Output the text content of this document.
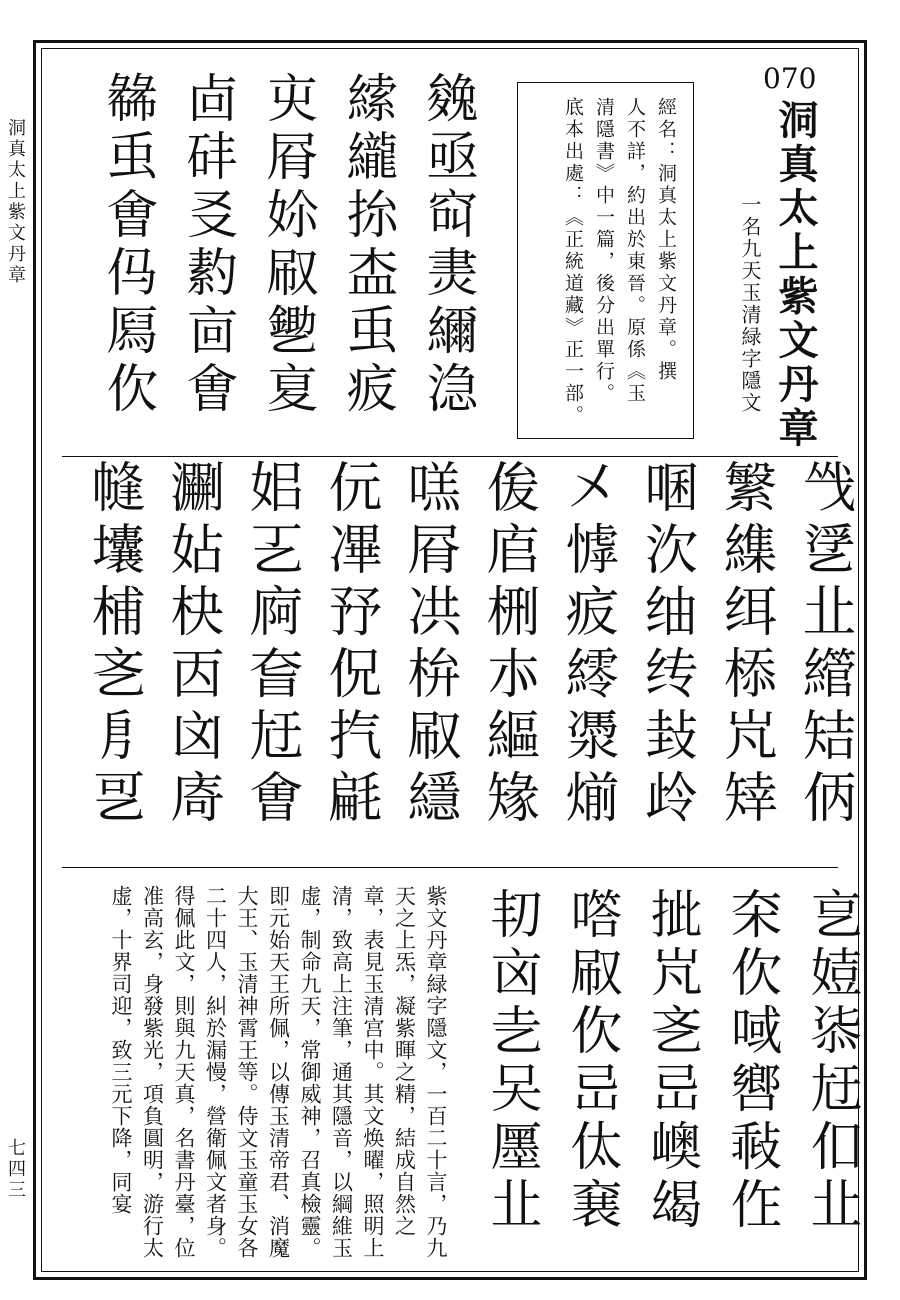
洞真太上紫文丹章
七四三
070
洞真太上紫文丹章
一名九天玉清緑字隱文
經名：洞真太上紫文丹章。撰
人不詳，約出於東晉。原係《玉
清隱書》中一篇，後分出單行。
底本出處：《正統道藏》正一部。
㕙亟䆗㶳䌤㴔
䌇䌬㧠㭗䖝㽹
㐪㞕㚷㕞㐥㚆
㔽䂜㕛䋤㐭㑹
㣈䖝㑹㐷㕐㐸
㦰㐢㐀䌣䂒㑂
䌓䌖䌺㮇㞩䂔
㖥㳄䌷䌸㪈㱓
㐅㦆㽹䌢㵗㷙
㑓㢂㭢㝳䌔䂕
㗝㞕㓋㭓㕞䌥
㐾㓖㐨㑆㧉㲢
㚶㐉㢌㚛㝼㑹
㶜㚲㭈㐁㓙㢊
㡝㚂㭪㐎㐆㐓
㐔㛸㓒㝼㐰㐀
㚓㐸㖪㗽㪓㑅
㧗㞩㐎㞯㠗㡫
㗳㕞㐸㞯㑀㐮
㓞㐫㐋㕦㕓㐀
紫文丹章緑字隱文，一百二十言，乃九天之上炁，凝紫暉之精，結成自然之章，表見玉清宫中。其文焕曜，照明上清，致高上注筆，通其隱音，以綱維玉虚，制命九天，常御威神，召真檢靈。即元始天王所佩，以傳玉清帝君、消魔大王、玉清神霄王等。侍文玉童玉女各二十四人，糾於漏慢，營衛佩文者身。得佩此文，則與九天真，名書丹臺，位准高玄，身發紫光，項負圓明，游行太虚，十界司迎，致三元下降，同宴
